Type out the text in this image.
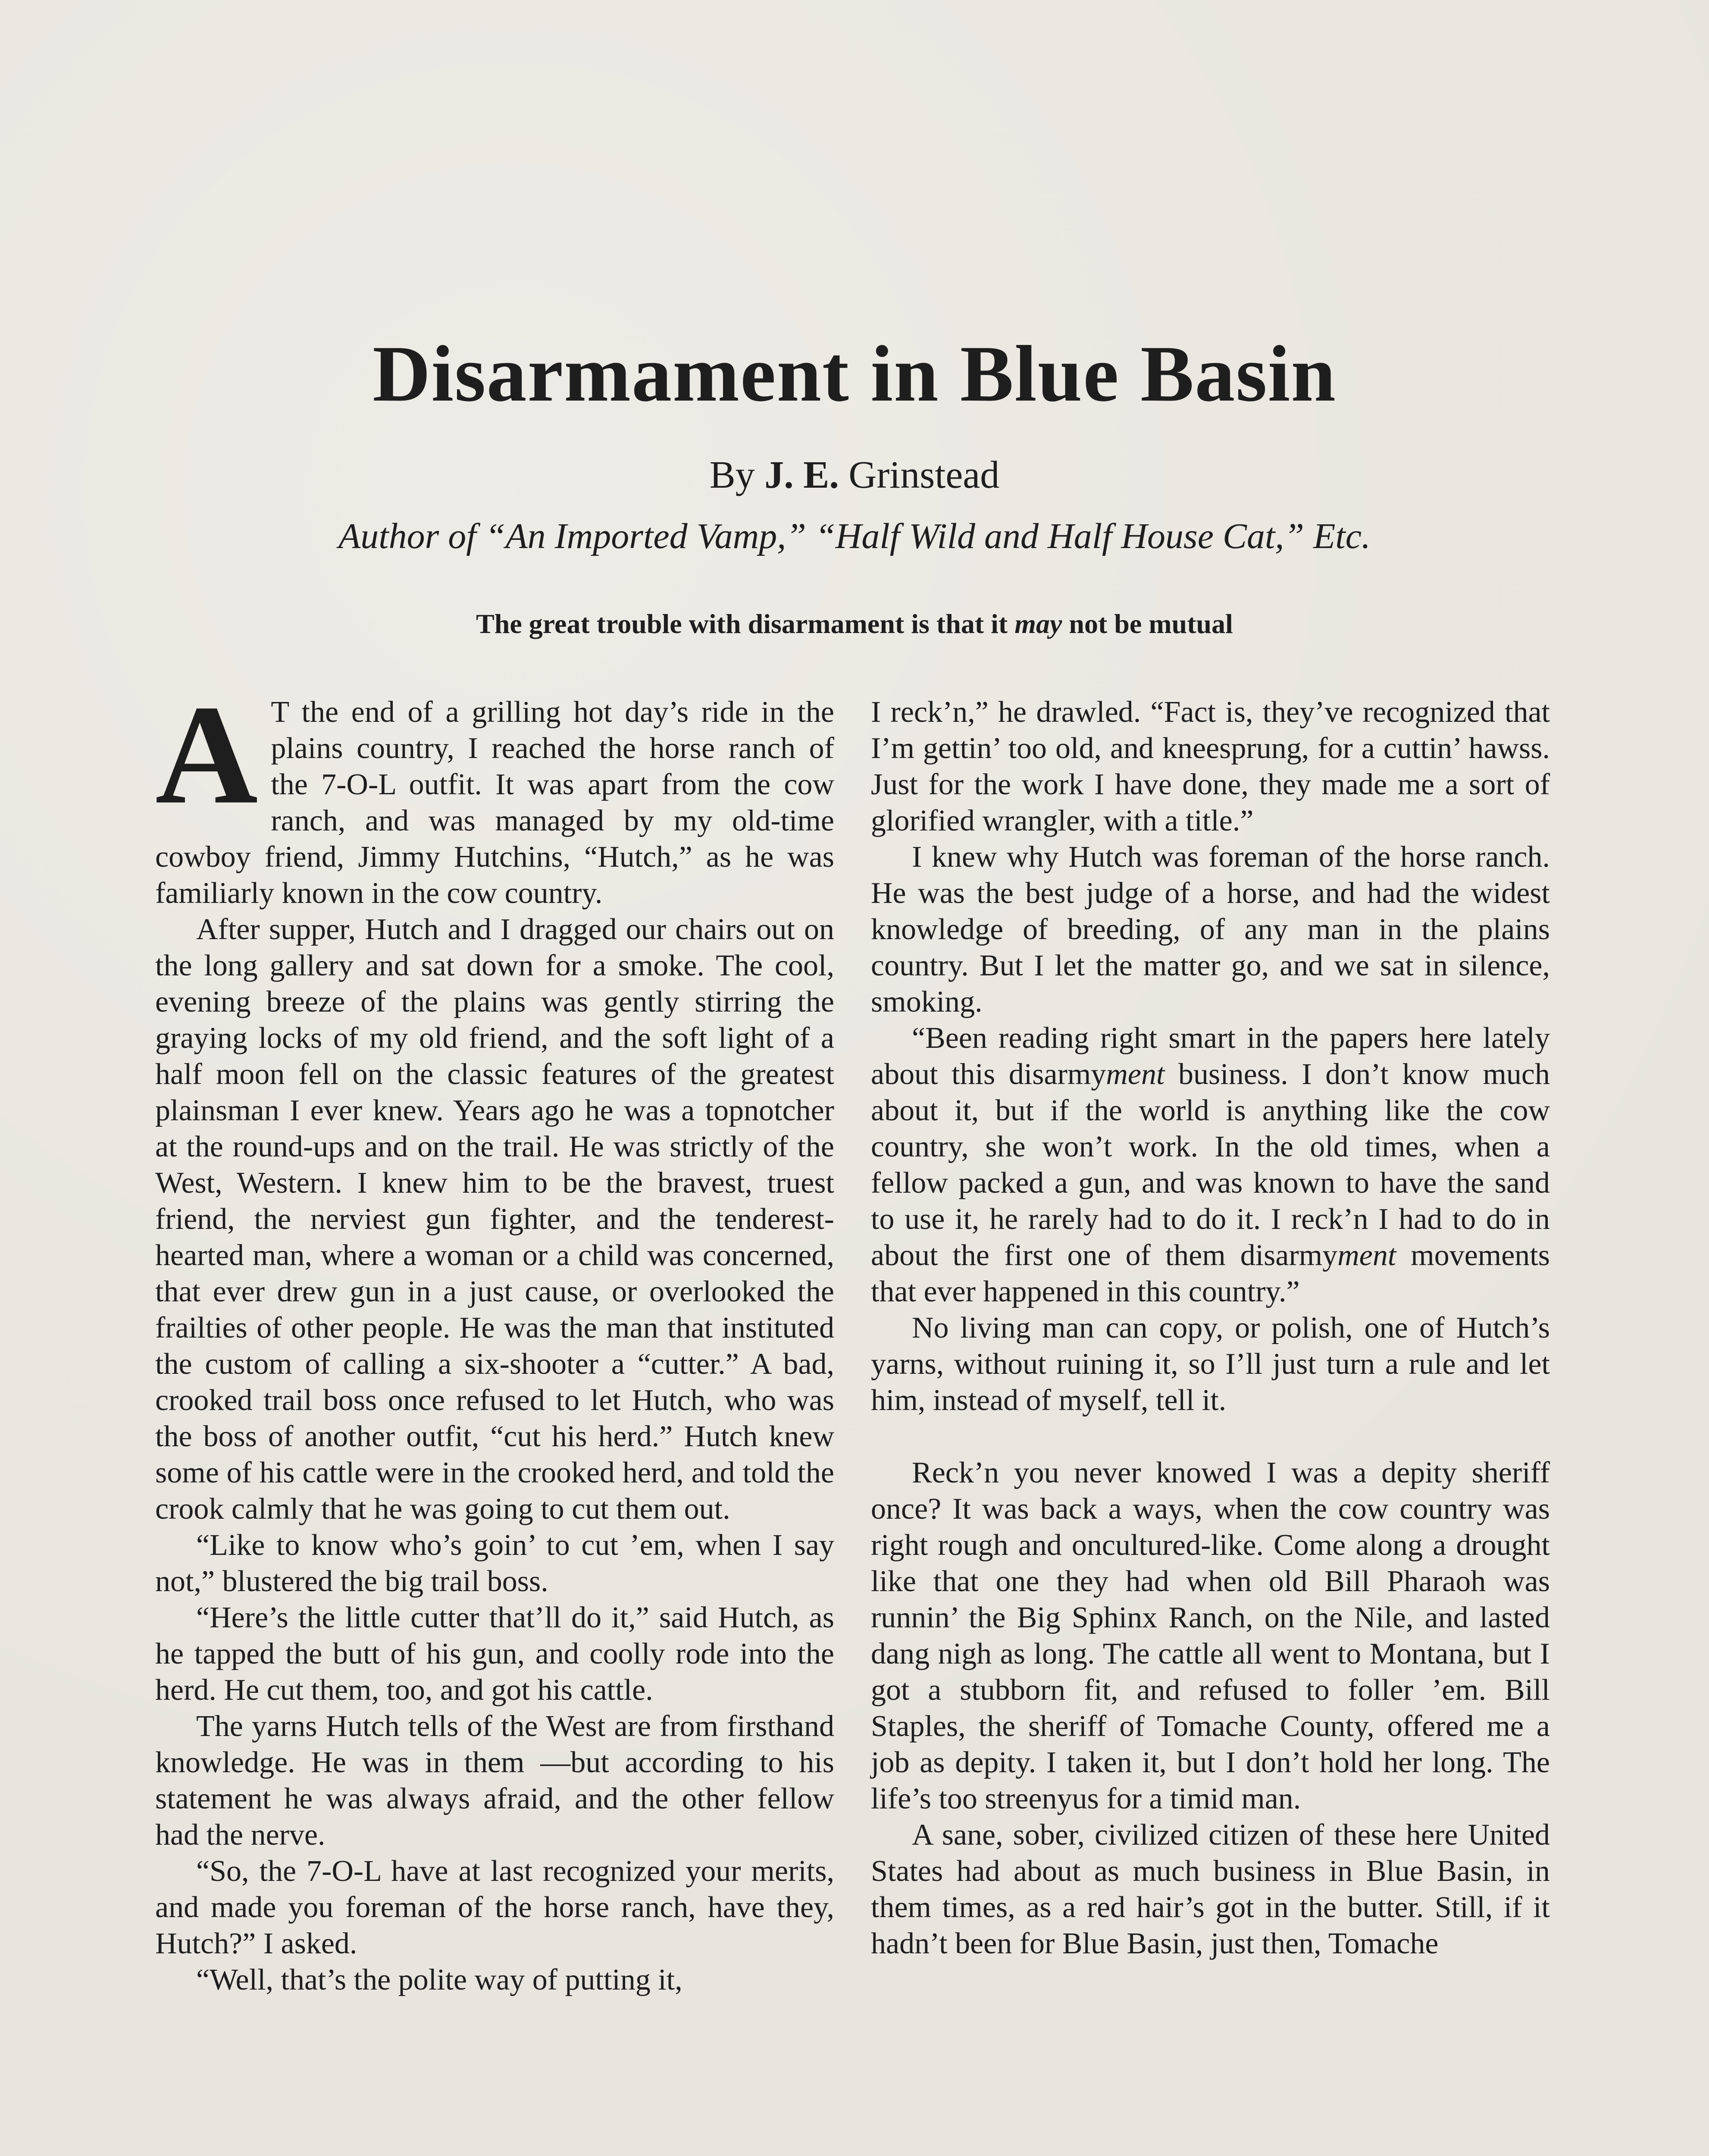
Disarmament in Blue Basin
By J. E. Grinstead
Author of “An Imported Vamp,” “Half Wild and Half House Cat,” Etc.
The great trouble with disarmament is that it may not be mutual

A T the end of a grilling hot day’s ride in the plains country, I reached the horse ranch of the 7-O-L outfit. It was apart from the cow ranch, and was managed by my old-time cowboy friend, Jimmy Hutchins, “Hutch,” as he was familiarly known in the cow country.

After supper, Hutch and I dragged our chairs out on the long gallery and sat down for a smoke. The cool, evening breeze of the plains was gently stirring the graying locks of my old friend, and the soft light of a half moon fell on the classic features of the greatest plainsman I ever knew. Years ago he was a topnotcher at the round-ups and on the trail. He was strictly of the West, Western. I knew him to be the bravest, truest friend, the nerviest gun fighter, and the tenderest-hearted man, where a woman or a child was concerned, that ever drew gun in a just cause, or overlooked the frailties of other people. He was the man that instituted the custom of calling a six-shooter a “cutter.” A bad, crooked trail boss once refused to let Hutch, who was the boss of another outfit, “cut his herd.” Hutch knew some of his cattle were in the crooked herd, and told the crook calmly that he was going to cut them out.

“Like to know who’s goin’ to cut ’em, when I say not,” blustered the big trail boss.

“Here’s the little cutter that’ll do it,” said Hutch, as he tapped the butt of his gun, and coolly rode into the herd. He cut them, too, and got his cattle.

The yarns Hutch tells of the West are from firsthand knowledge. He was in them —but according to his statement he was always afraid, and the other fellow had the nerve.

“So, the 7-O-L have at last recognized your merits, and made you foreman of the horse ranch, have they, Hutch?” I asked.

“Well, that’s the polite way of putting it,

I reck’n,” he drawled. “Fact is, they’ve recognized that I’m gettin’ too old, and kneesprung, for a cuttin’ hawss. Just for the work I have done, they made me a sort of glorified wrangler, with a title.”

I knew why Hutch was foreman of the horse ranch. He was the best judge of a horse, and had the widest knowledge of breeding, of any man in the plains country. But I let the matter go, and we sat in silence, smoking.

“Been reading right smart in the papers here lately about this disarmyment business. I don’t know much about it, but if the world is anything like the cow country, she won’t work. In the old times, when a fellow packed a gun, and was known to have the sand to use it, he rarely had to do it. I reck’n I had to do in about the first one of them disarmyment movements that ever happened in this country.”

No living man can copy, or polish, one of Hutch’s yarns, without ruining it, so I’ll just turn a rule and let him, instead of myself, tell it.

Reck’n you never knowed I was a depity sheriff once? It was back a ways, when the cow country was right rough and oncultured-like. Come along a drought like that one they had when old Bill Pharaoh was runnin’ the Big Sphinx Ranch, on the Nile, and lasted dang nigh as long. The cattle all went to Montana, but I got a stubborn fit, and refused to foller ’em. Bill Staples, the sheriff of Tomache County, offered me a job as depity. I taken it, but I don’t hold her long. The life’s too streenyus for a timid man.

A sane, sober, civilized citizen of these here United States had about as much business in Blue Basin, in them times, as a red hair’s got in the butter. Still, if it hadn’t been for Blue Basin, just then, Tomache
